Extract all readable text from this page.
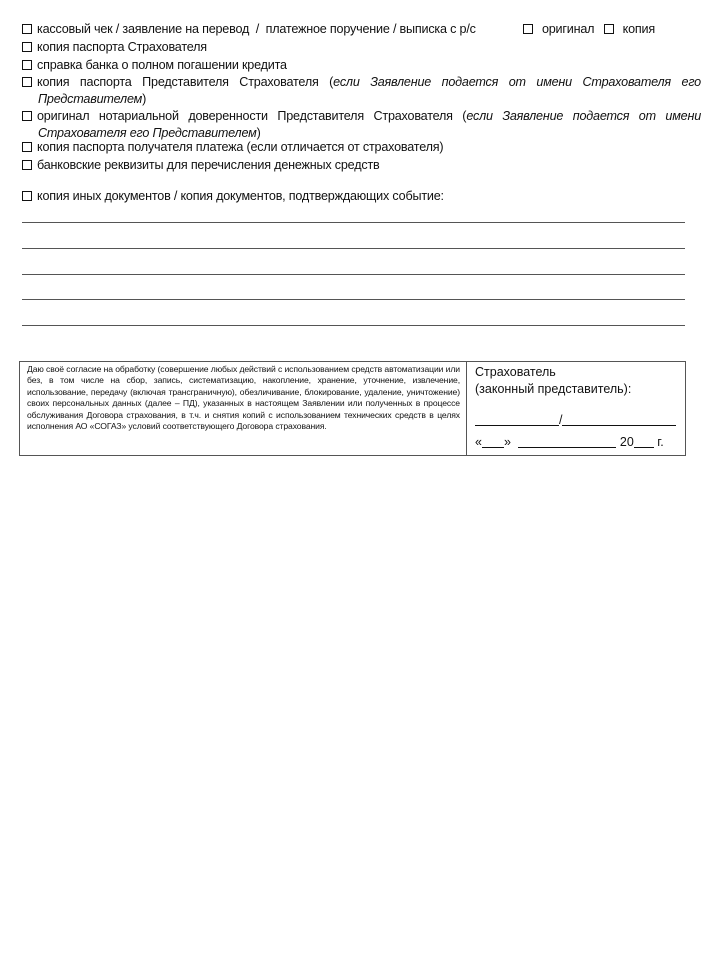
кассовый чек / заявление на перевод  /  платежное поручение / выписка с р/с	оригинал копия
копия паспорта Страхователя
справка банка о полном погашении кредита
копия паспорта Представителя Страхователя (если Заявление подается от имени Страхователя его Представителем)
оригинал нотариальной доверенности Представителя Страхователя (если Заявление подается от имени Страхователя его Представителем)
копия паспорта получателя платежа (если отличается от страхователя)
банковские реквизиты для перечисления денежных средств
копия иных документов / копия документов, подтверждающих событие:
Даю своё согласие на обработку (совершение любых действий с использованием средств автоматизации или без, в том числе на сбор, запись, систематизацию, накопление, хранение, уточнение, извлечение, использование, передачу (включая трансграничную), обезличивание, блокирование, удаление, уничтожение) своих персональных данных (далее – ПД), указанных в настоящем Заявлении или полученных в процессе обслуживания Договора страхования, в т.ч. и снятия копий с использованием технических средств в целях исполнения АО «СОГАЗ» условий соответствующего Договора страхования.
Страхователь
(законный представитель):
/
« »	20 г.
